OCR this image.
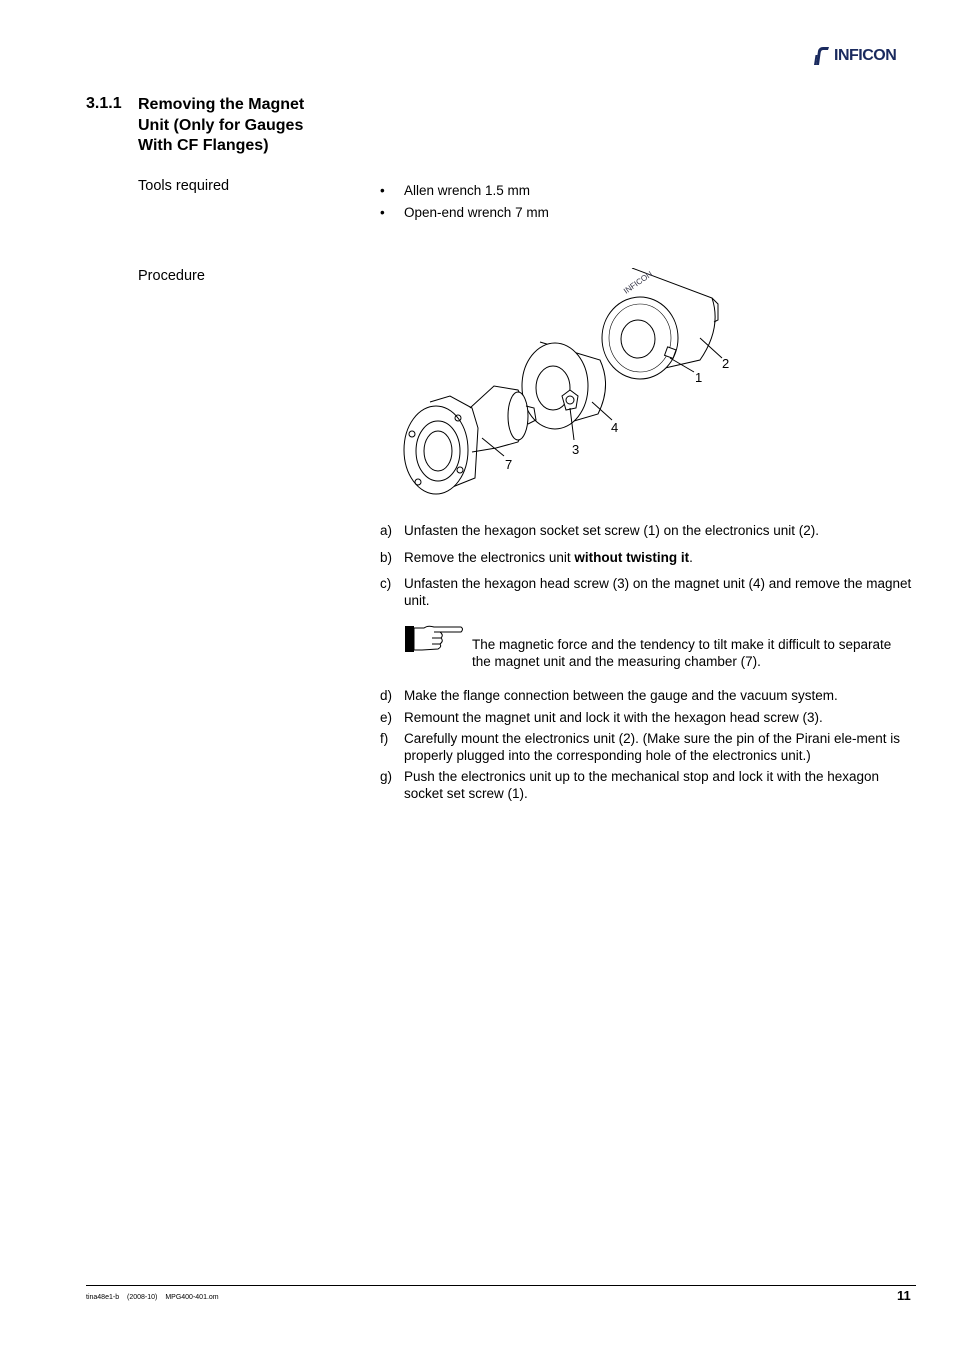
INFICON
3.1.1 Removing the Magnet Unit (Only for Gauges With CF Flanges)
Tools required
•	Allen wrench 1.5 mm
• Open-end wrench 7 mm
Procedure	INFICON
1
2
3
4
7
a) Unfasten the hexagon socket set screw (1) on the electronics unit (2).
b) Remove the electronics unit without twisting it.
c) Unfasten the hexagon head screw (3) on the magnet unit (4) and remove the magnet unit.
The magnetic force and the tendency to tilt make it difficult to separate the magnet unit and the measuring chamber (7).
d) Make the flange connection between the gauge and the vacuum system.
e) Remount the magnet unit and lock it with the hexagon head screw (3).
f) Carefully mount the electronics unit (2). (Make sure the pin of the Pirani ele-ment is properly plugged into the corresponding hole of the electronics unit.)
g) Push the electronics unit up to the mechanical stop and lock it with the hexagon socket set screw (1).
tina48e1-b (2008-10) MPG400-401.om	11
